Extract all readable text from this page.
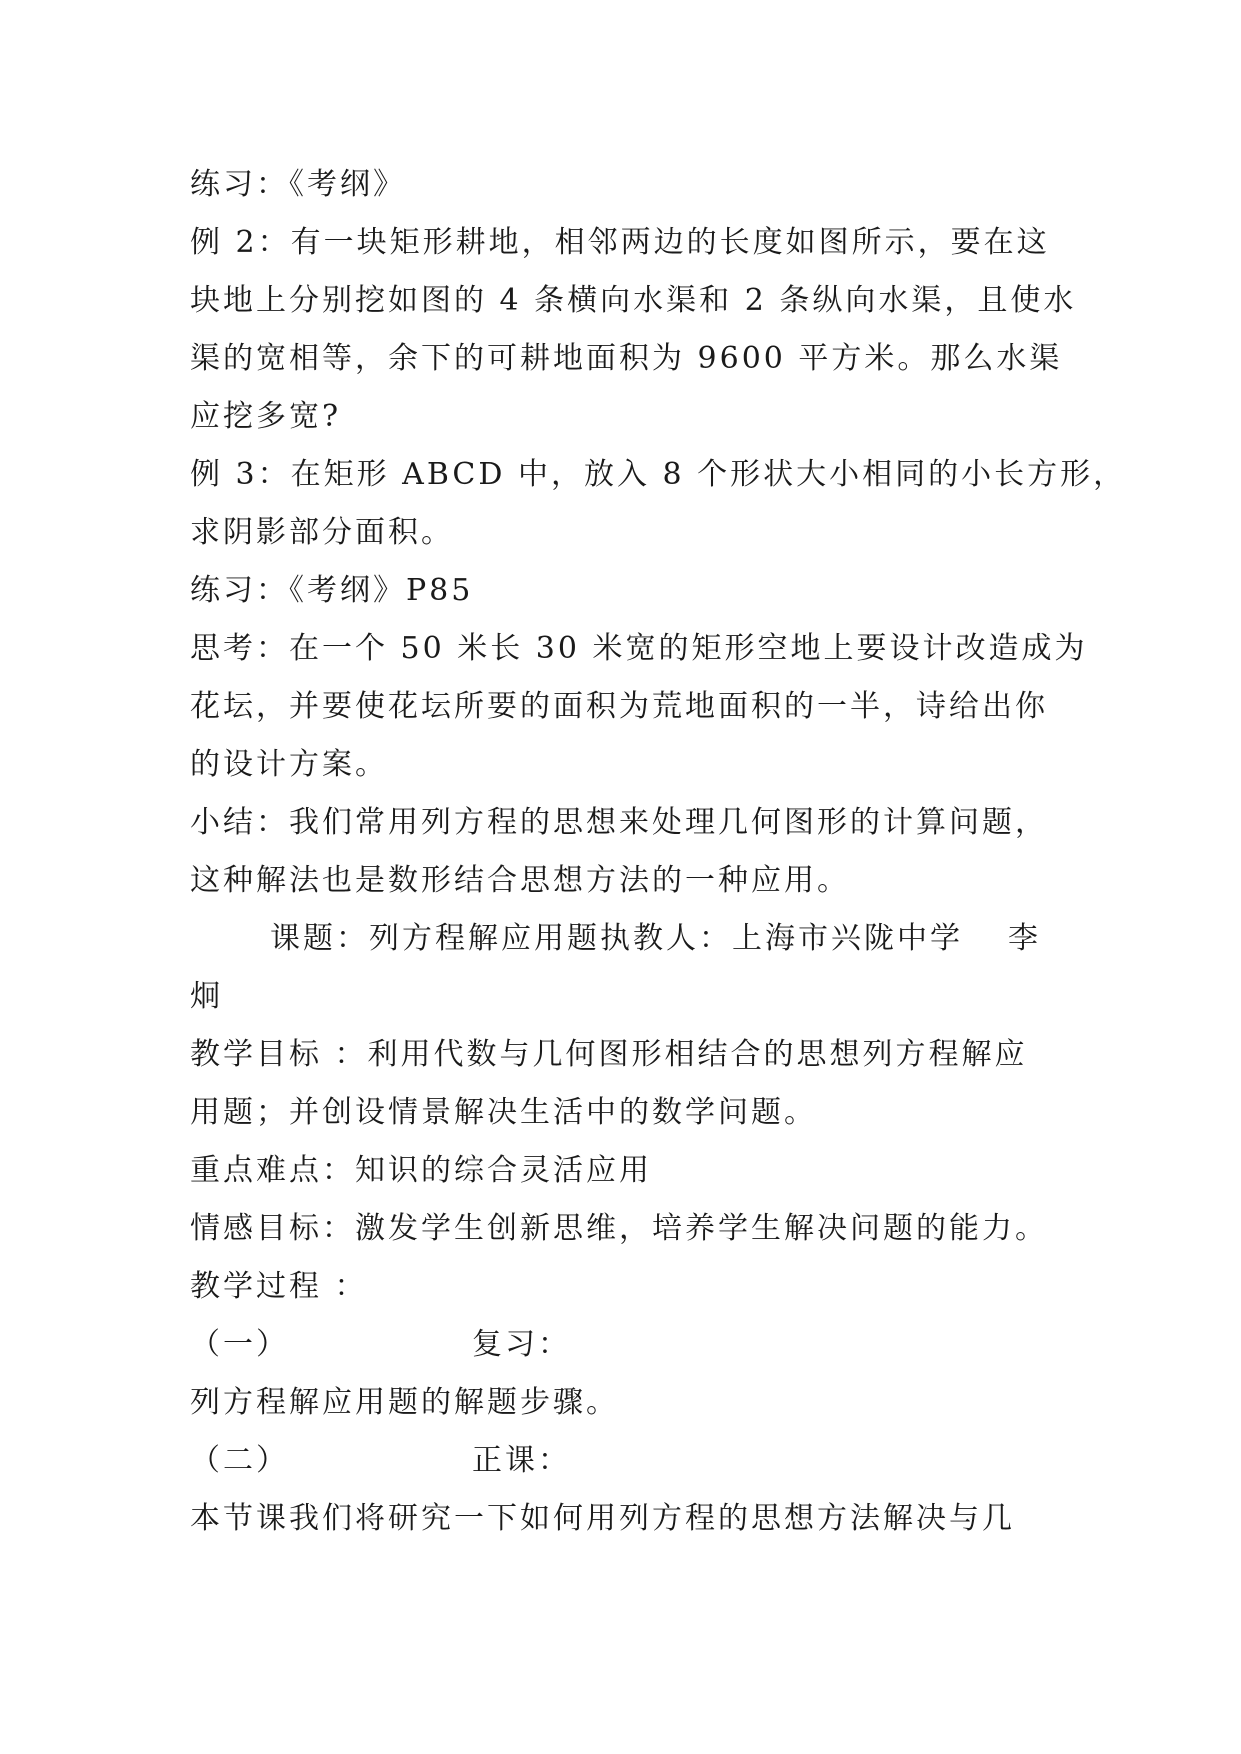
练习：《考纲》
例 2：有一块矩形耕地，相邻两边的长度如图所示，要在这
块地上分别挖如图的 4 条横向水渠和 2 条纵向水渠，且使水
渠的宽相等，余下的可耕地面积为 9600 平方米。那么水渠
应挖多宽?
例 3：在矩形 ABCD 中，放入 8 个形状大小相同的小长方形，
求阴影部分面积。
练习：《考纲》P85
思考：在一个 50 米长 30 米宽的矩形空地上要设计改造成为
花坛，并要使花坛所要的面积为荒地面积的一半，诗给出你
的设计方案。
小结：我们常用列方程的思想来处理几何图形的计算问题，
这种解法也是数形结合思想方法的一种应用。
课题：列方程解应用题执教人：上海市兴陇中学 李
炯
教学目标 ：利用代数与几何图形相结合的思想列方程解应
用题；并创设情景解决生活中的数学问题。
重点难点：知识的综合灵活应用
情感目标：激发学生创新思维，培养学生解决问题的能力。
教学过程 ：
（一）	复习：
列方程解应用题的解题步骤。
（二）	正课：
本节课我们将研究一下如何用列方程的思想方法解决与几
